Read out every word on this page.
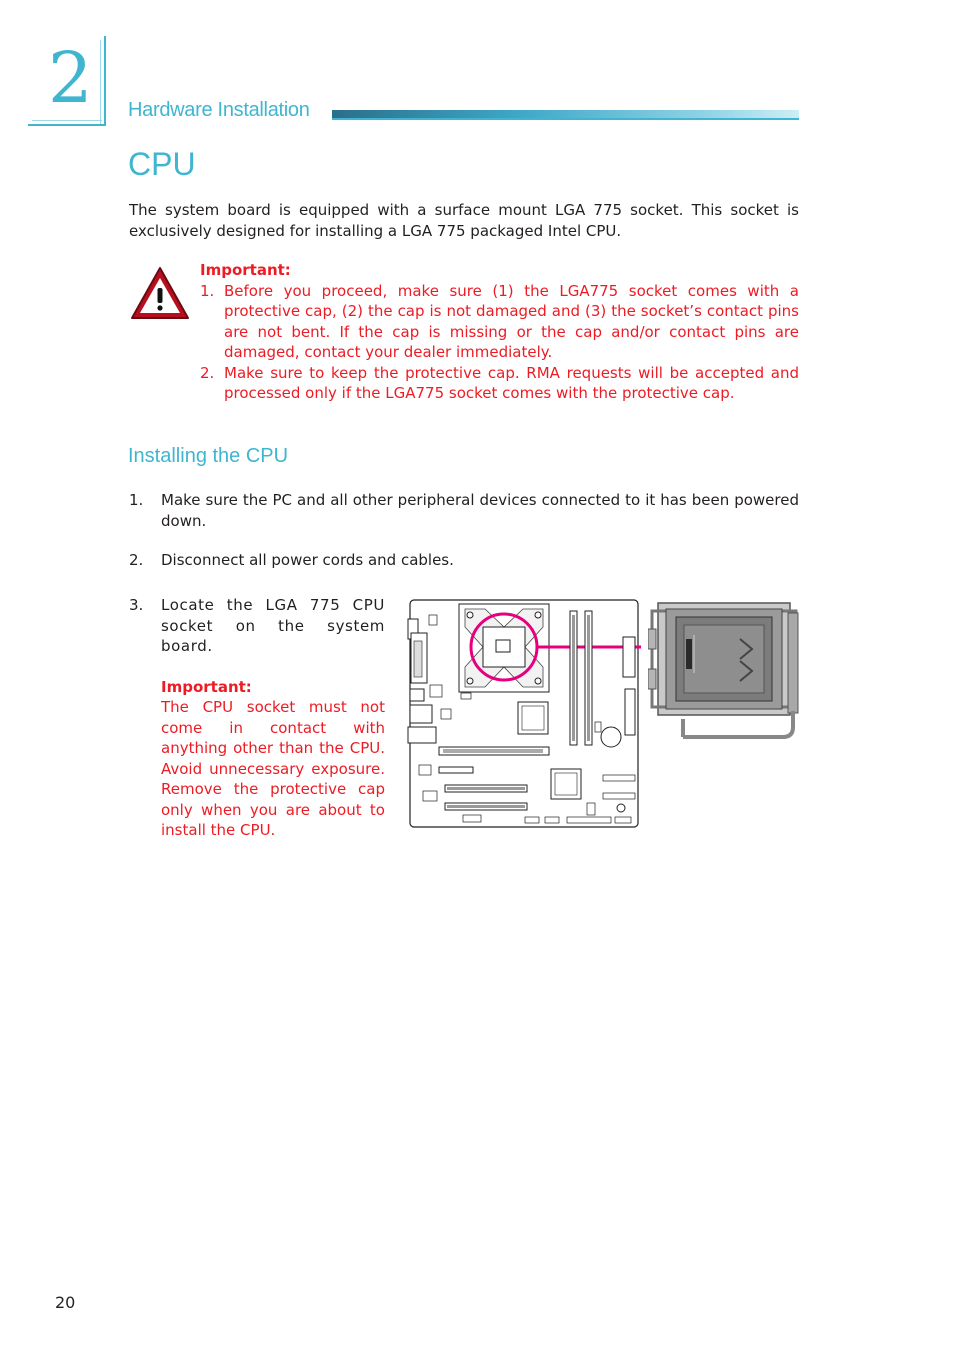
2 Hardware Installation
CPU
The system board is equipped with a surface mount LGA 775 socket. This socket is exclusively designed for installing a LGA 775 packaged Intel CPU.
Important:
1. Before you proceed, make sure (1) the LGA775 socket comes with a protective cap, (2) the cap is not damaged and (3) the socket’s contact pins are not bent. If the cap is missing or the cap and/or contact pins are damaged, contact your dealer immediately.
2. Make sure to keep the protective cap. RMA requests will be accepted and processed only if the LGA775 socket comes with the protective cap.
Installing the CPU
1.	Make sure the PC and all other peripheral devices connected to it has been powered down.
2.	Disconnect all power cords and cables.
3.	Locate the LGA 775 CPU socket on the system board.
Important:
The CPU socket must not come in contact with anything other than the CPU. Avoid unnecessary exposure. Remove the protective cap only when you are about to install the CPU.
20
